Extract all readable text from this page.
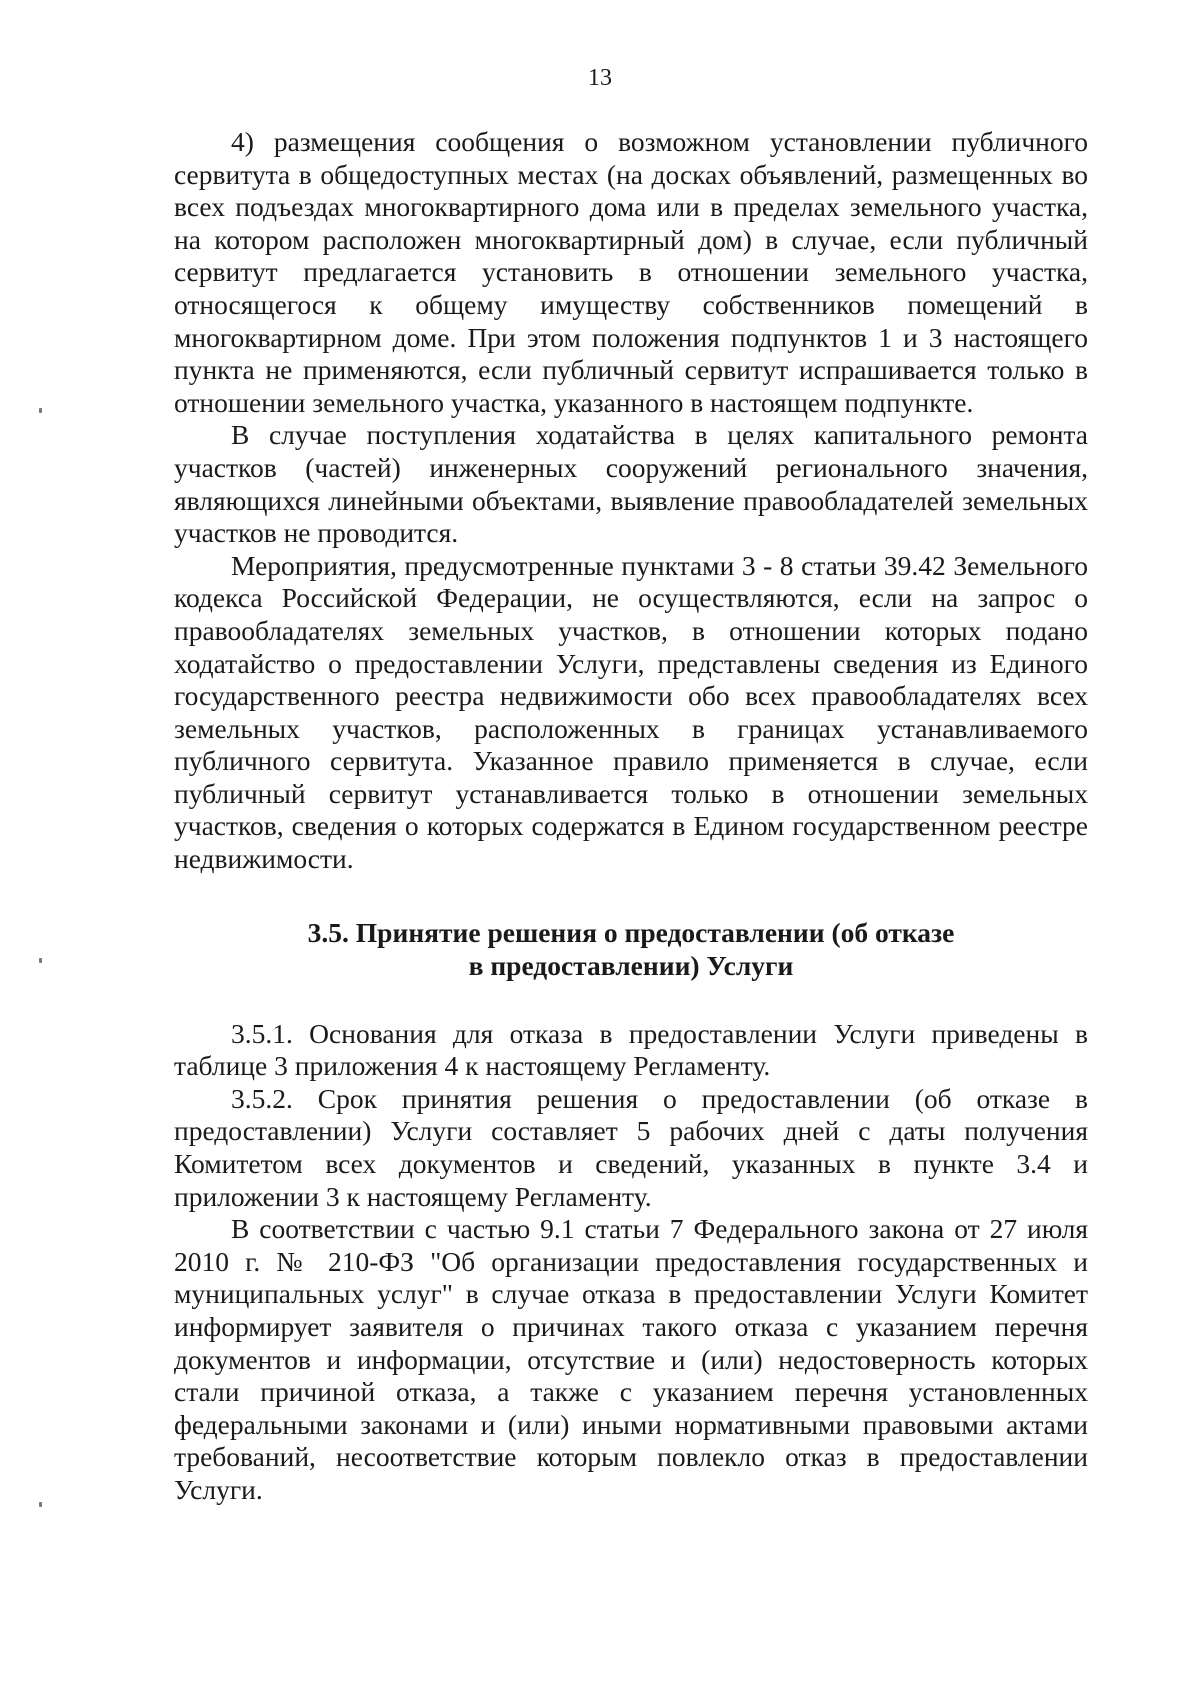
13

4) размещения сообщения о возможном установлении публичного сервитута в общедоступных местах (на досках объявлений, размещенных во всех подъездах многоквартирного дома или в пределах земельного участка, на котором расположен многоквартирный дом) в случае, если публичный сервитут предлагается установить в отношении земельного участка, относящегося к общему имуществу собственников помещений в многоквартирном доме. При этом положения подпунктов 1 и 3 настоящего пункта не применяются, если публичный сервитут испрашивается только в отношении земельного участка, указанного в настоящем подпункте.

В случае поступления ходатайства в целях капитального ремонта участков (частей) инженерных сооружений регионального значения, являющихся линейными объектами, выявление правообладателей земельных участков не проводится.

Мероприятия, предусмотренные пунктами 3 - 8 статьи 39.42 Земельного кодекса Российской Федерации, не осуществляются, если на запрос о правообладателях земельных участков, в отношении которых подано ходатайство о предоставлении Услуги, представлены сведения из Единого государственного реестра недвижимости обо всех правообладателях всех земельных участков, расположенных в границах устанавливаемого публичного сервитута. Указанное правило применяется в случае, если публичный сервитут устанавливается только в отношении земельных участков, сведения о которых содержатся в Едином государственном реестре недвижимости.

3.5. Принятие решения о предоставлении (об отказе
в предоставлении) Услуги

3.5.1. Основания для отказа в предоставлении Услуги приведены в таблице 3 приложения 4 к настоящему Регламенту.

3.5.2. Срок принятия решения о предоставлении (об отказе в предоставлении) Услуги составляет 5 рабочих дней с даты получения Комитетом всех документов и сведений, указанных в пункте 3.4 и приложении 3 к настоящему Регламенту.

В соответствии с частью 9.1 статьи 7 Федерального закона от 27 июля 2010 г. № 210-ФЗ "Об организации предоставления государственных и муниципальных услуг" в случае отказа в предоставлении Услуги Комитет информирует заявителя о причинах такого отказа с указанием перечня документов и информации, отсутствие и (или) недостоверность которых стали причиной отказа, а также с указанием перечня установленных федеральными законами и (или) иными нормативными правовыми актами требований, несоответствие которым повлекло отказ в предоставлении Услуги.
